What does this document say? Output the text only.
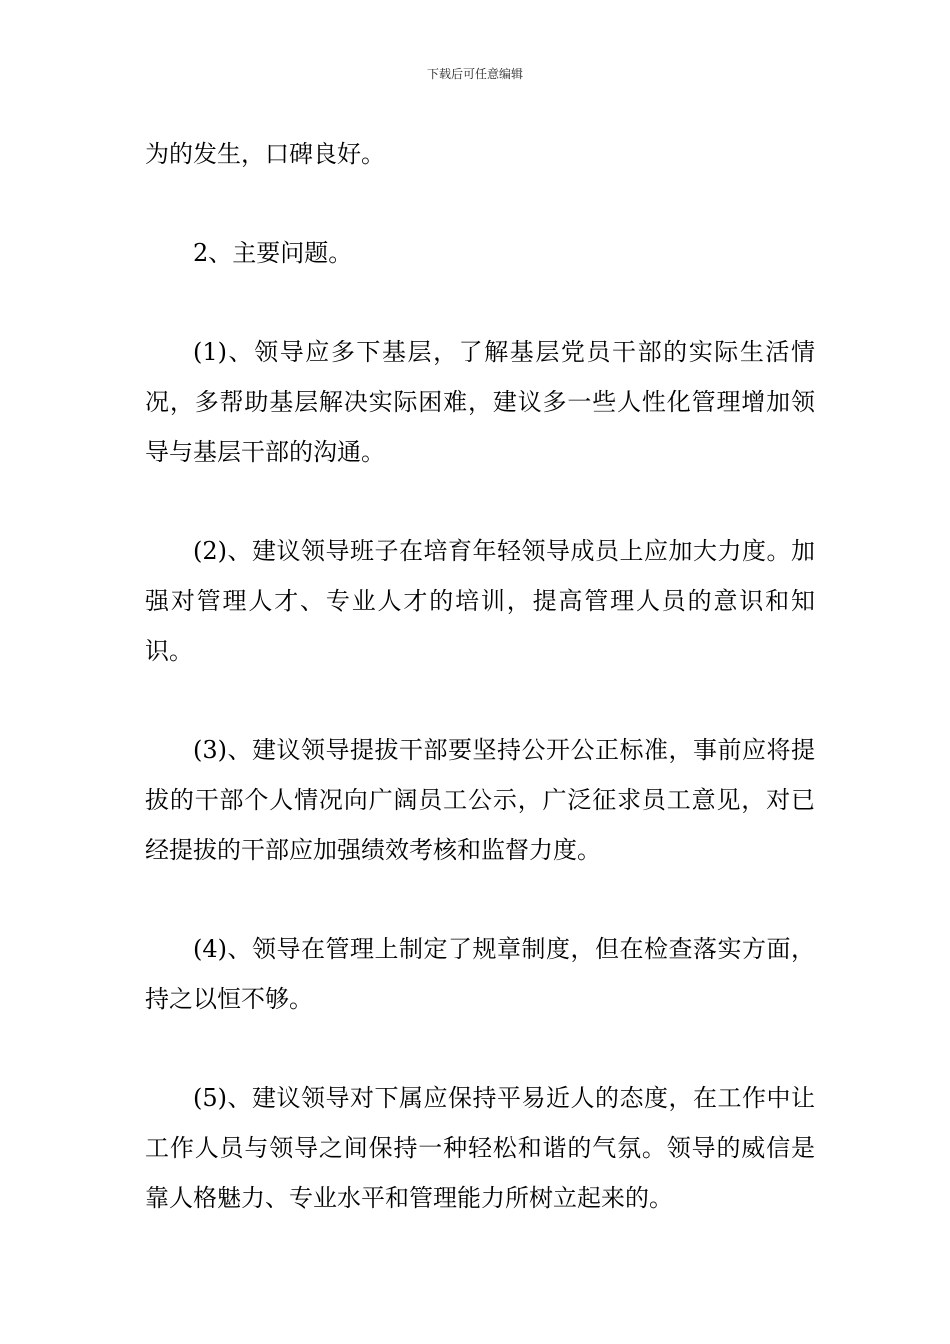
下载后可任意编辑

为的发生，口碑良好。

2、主要问题。

(1)、领导应多下基层，了解基层党员干部的实际生活情况，多帮助基层解决实际困难，建议多一些人性化管理增加领导与基层干部的沟通。

(2)、建议领导班子在培育年轻领导成员上应加大力度。加强对管理人才、专业人才的培训，提高管理人员的意识和知识。

(3)、建议领导提拔干部要坚持公开公正标准，事前应将提拔的干部个人情况向广阔员工公示，广泛征求员工意见，对已经提拔的干部应加强绩效考核和监督力度。

(4)、领导在管理上制定了规章制度，但在检查落实方面，持之以恒不够。

(5)、建议领导对下属应保持平易近人的态度，在工作中让工作人员与领导之间保持一种轻松和谐的气氛。领导的威信是靠人格魅力、专业水平和管理能力所树立起来的。
